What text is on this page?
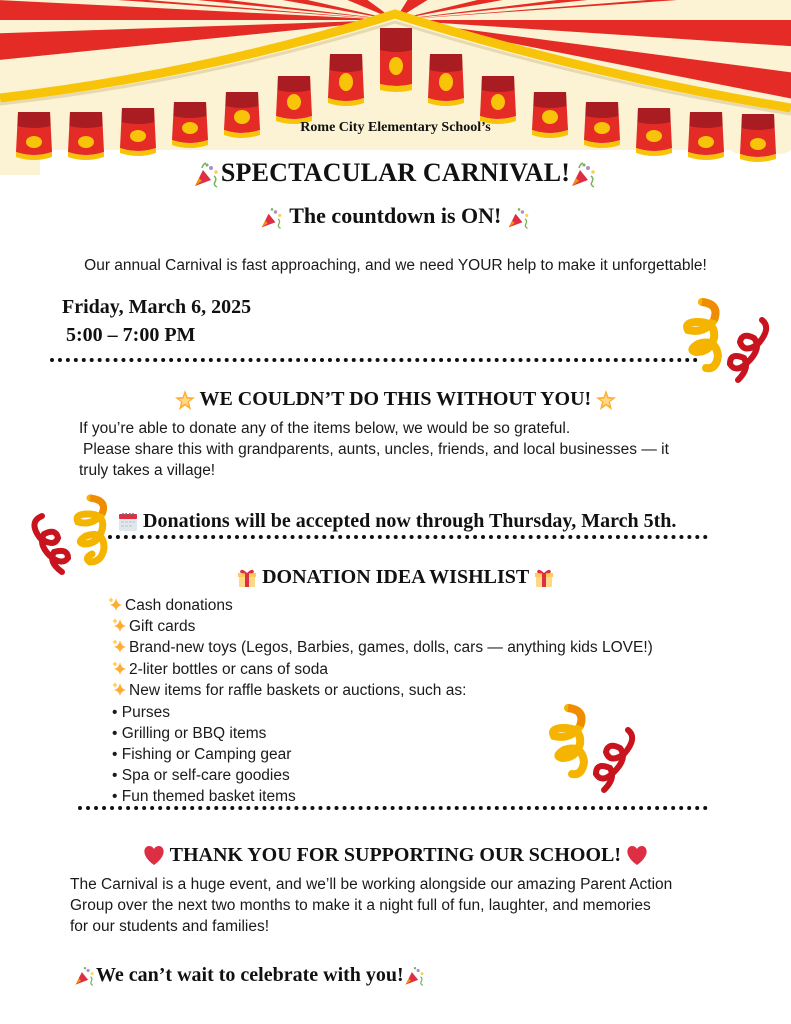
Rome City Elementary School’s
SPECTACULAR CARNIVAL!
The countdown is ON!
Our annual Carnival is fast approaching, and we need YOUR help to make it unforgettable!
Friday, March 6, 2025
5:00 – 7:00 PM
WE COULDN’T DO THIS WITHOUT YOU!
If you’re able to donate any of the items below, we would be so grateful.
Please share this with grandparents, aunts, uncles, friends, and local businesses — it
truly takes a village!
Donations will be accepted now through Thursday, March 5th.
DONATION IDEA WISHLIST
Cash donations
Gift cards
Brand-new toys (Legos, Barbies, games, dolls, cars — anything kids LOVE!)
2-liter bottles or cans of soda
New items for raffle baskets or auctions, such as:
• Purses
• Grilling or BBQ items
• Fishing or Camping gear
• Spa or self-care goodies
• Fun themed basket items
THANK YOU FOR SUPPORTING OUR SCHOOL!
The Carnival is a huge event, and we’ll be working alongside our amazing Parent Action
Group over the next two months to make it a night full of fun, laughter, and memories
for our students and families!
We can’t wait to celebrate with you!
